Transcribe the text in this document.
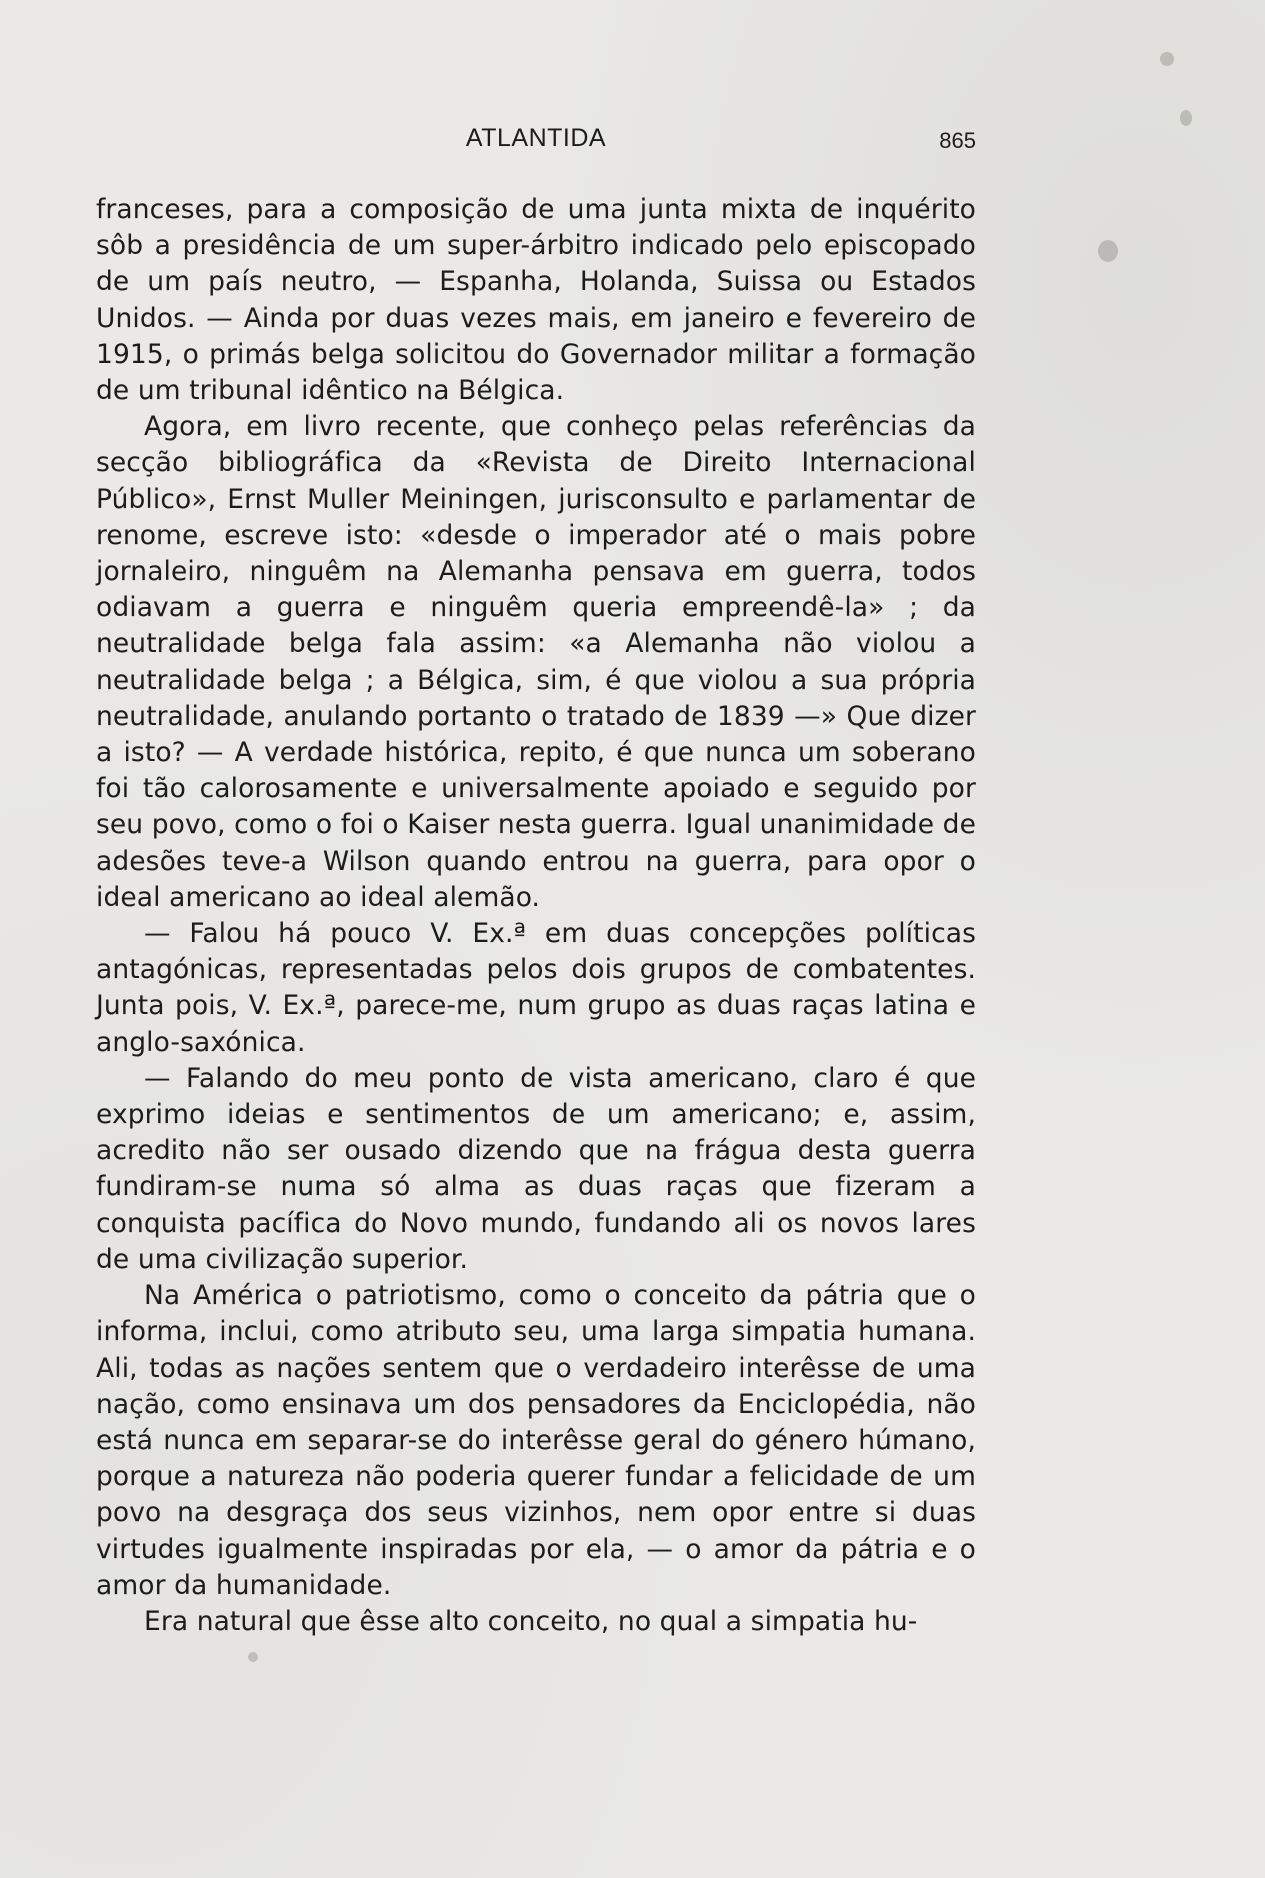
ATLANTIDA	865

franceses, para a composição de uma junta mixta de inquérito sôb a presidência de um super-árbitro indicado pelo episcopado de um país neutro, — Espanha, Holanda, Suissa ou Estados Unidos. — Ainda por duas vezes mais, em janeiro e fevereiro de 1915, o primás belga solicitou do Governador militar a formação de um tribunal idêntico na Bélgica.

Agora, em livro recente, que conheço pelas referências da secção bibliográfica da «Revista de Direito Internacional Público», Ernst Muller Meiningen, jurisconsulto e parlamentar de renome, escreve isto: «desde o imperador até o mais pobre jornaleiro, ninguêm na Alemanha pensava em guerra, todos odiavam a guerra e ninguêm queria empreendê-la» ; da neutralidade belga fala assim: «a Alemanha não violou a neutralidade belga ; a Bélgica, sim, é que violou a sua própria neutralidade, anulando portanto o tratado de 1839 —» Que dizer a isto? — A verdade histórica, repito, é que nunca um soberano foi tão calorosamente e universalmente apoiado e seguido por seu povo, como o foi o Kaiser nesta guerra. Igual unanimidade de adesões teve-a Wilson quando entrou na guerra, para opor o ideal americano ao ideal alemão.

— Falou há pouco V. Ex.ª em duas concepções políticas antagónicas, representadas pelos dois grupos de combatentes. Junta pois, V. Ex.ª, parece-me, num grupo as duas raças latina e anglo-saxónica.

— Falando do meu ponto de vista americano, claro é que exprimo ideias e sentimentos de um americano; e, assim, acredito não ser ousado dizendo que na frágua desta guerra fundiram-se numa só alma as duas raças que fizeram a conquista pacífica do Novo mundo, fundando ali os novos lares de uma civilização superior.

Na América o patriotismo, como o conceito da pátria que o informa, inclui, como atributo seu, uma larga simpatia humana. Ali, todas as nações sentem que o verdadeiro interêsse de uma nação, como ensinava um dos pensadores da Enciclopédia, não está nunca em separar-se do interêsse geral do género húmano, porque a natureza não poderia querer fundar a felicidade de um povo na desgraça dos seus vizinhos, nem opor entre si duas virtudes igualmente inspiradas por ela, — o amor da pátria e o amor da humanidade.

Era natural que êsse alto conceito, no qual a simpatia hu-
